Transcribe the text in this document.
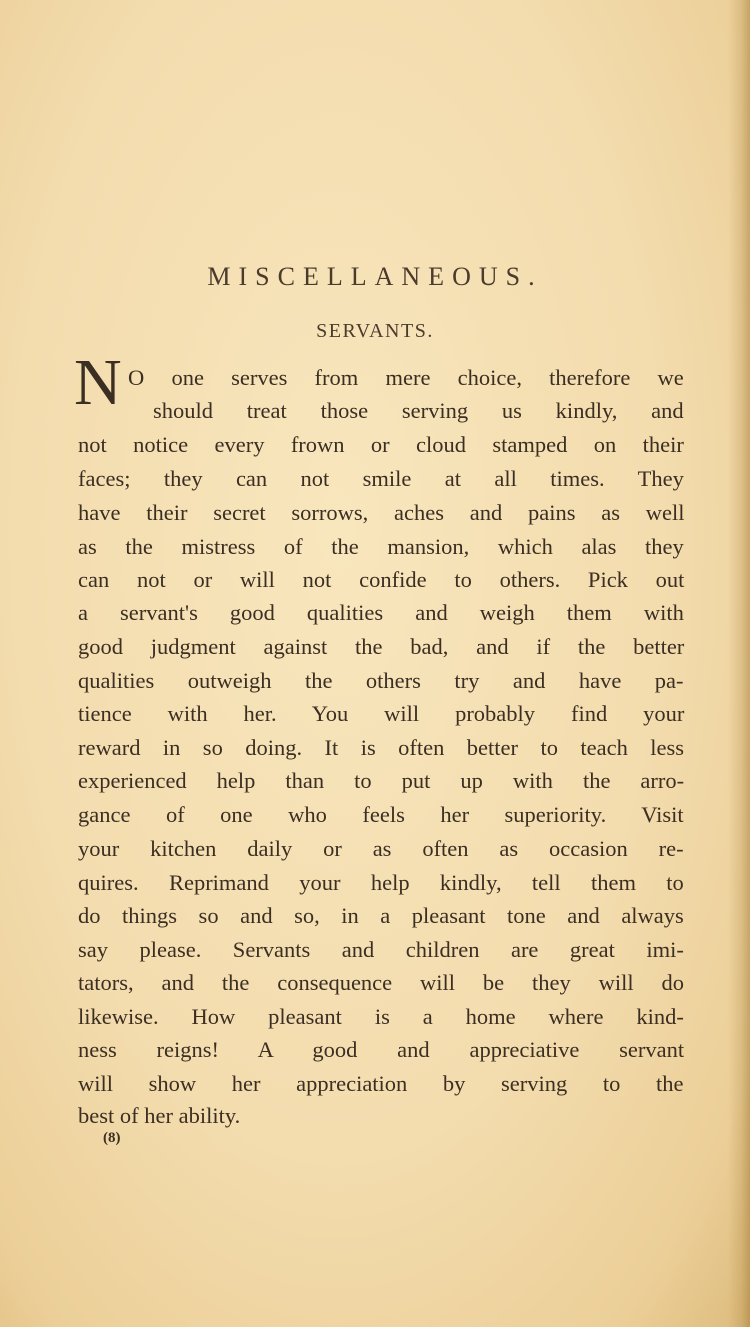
MISCELLANEOUS.
SERVANTS.
N O one serves from mere choice, therefore we
should treat those serving us kindly, and
not notice every frown or cloud stamped on their
faces; they can not smile at all times. They
have their secret sorrows, aches and pains as well
as the mistress of the mansion, which alas they
can not or will not confide to others. Pick out
a servant's good qualities and weigh them with
good judgment against the bad, and if the better
qualities outweigh the others try and have pa-
tience with her. You will probably find your
reward in so doing. It is often better to teach less
experienced help than to put up with the arro-
gance of one who feels her superiority. Visit
your kitchen daily or as often as occasion re-
quires. Reprimand your help kindly, tell them to
do things so and so, in a pleasant tone and always
say please. Servants and children are great imi-
tators, and the consequence will be they will do
likewise. How pleasant is a home where kind-
ness reigns! A good and appreciative servant
will show her appreciation by serving to the
best of her ability.
(8)
